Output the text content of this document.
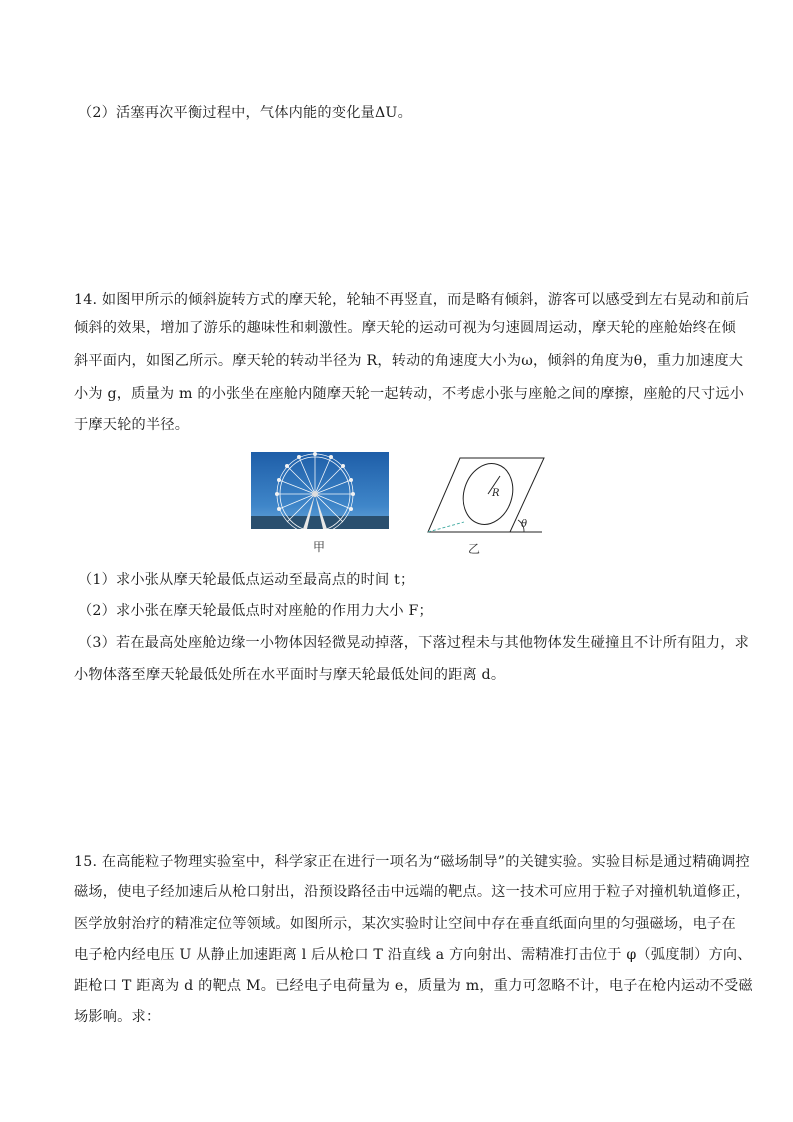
（2）活塞再次平衡过程中，气体内能的变化量ΔU。
14. 如图甲所示的倾斜旋转方式的摩天轮，轮轴不再竖直，而是略有倾斜，游客可以感受到左右晃动和前后
倾斜的效果，增加了游乐的趣味性和刺激性。摩天轮的运动可视为匀速圆周运动，摩天轮的座舱始终在倾
斜平面内，如图乙所示。摩天轮的转动半径为 R，转动的角速度大小为ω，倾斜的角度为θ，重力加速度大
小为 g，质量为 m 的小张坐在座舱内随摩天轮一起转动，不考虑小张与座舱之间的摩擦，座舱的尺寸远小
于摩天轮的半径。
R
θ
甲	乙
（1）求小张从摩天轮最低点运动至最高点的时间 t；
（2）求小张在摩天轮最低点时对座舱的作用力大小 F；
（3）若在最高处座舱边缘一小物体因轻微晃动掉落，下落过程未与其他物体发生碰撞且不计所有阻力，求
小物体落至摩天轮最低处所在水平面时与摩天轮最低处间的距离 d。
15. 在高能粒子物理实验室中，科学家正在进行一项名为“磁场制导”的关键实验。实验目标是通过精确调控
磁场，使电子经加速后从枪口射出，沿预设路径击中远端的靶点。这一技术可应用于粒子对撞机轨道修正，
医学放射治疗的精准定位等领域。如图所示，某次实验时让空间中存在垂直纸面向里的匀强磁场，电子在
电子枪内经电压 U 从静止加速距离 l 后从枪口 T 沿直线 a 方向射出、需精准打击位于 φ（弧度制）方向、
距枪口 T 距离为 d 的靶点 M。已经电子电荷量为 e，质量为 m，重力可忽略不计，电子在枪内运动不受磁
场影响。求：
